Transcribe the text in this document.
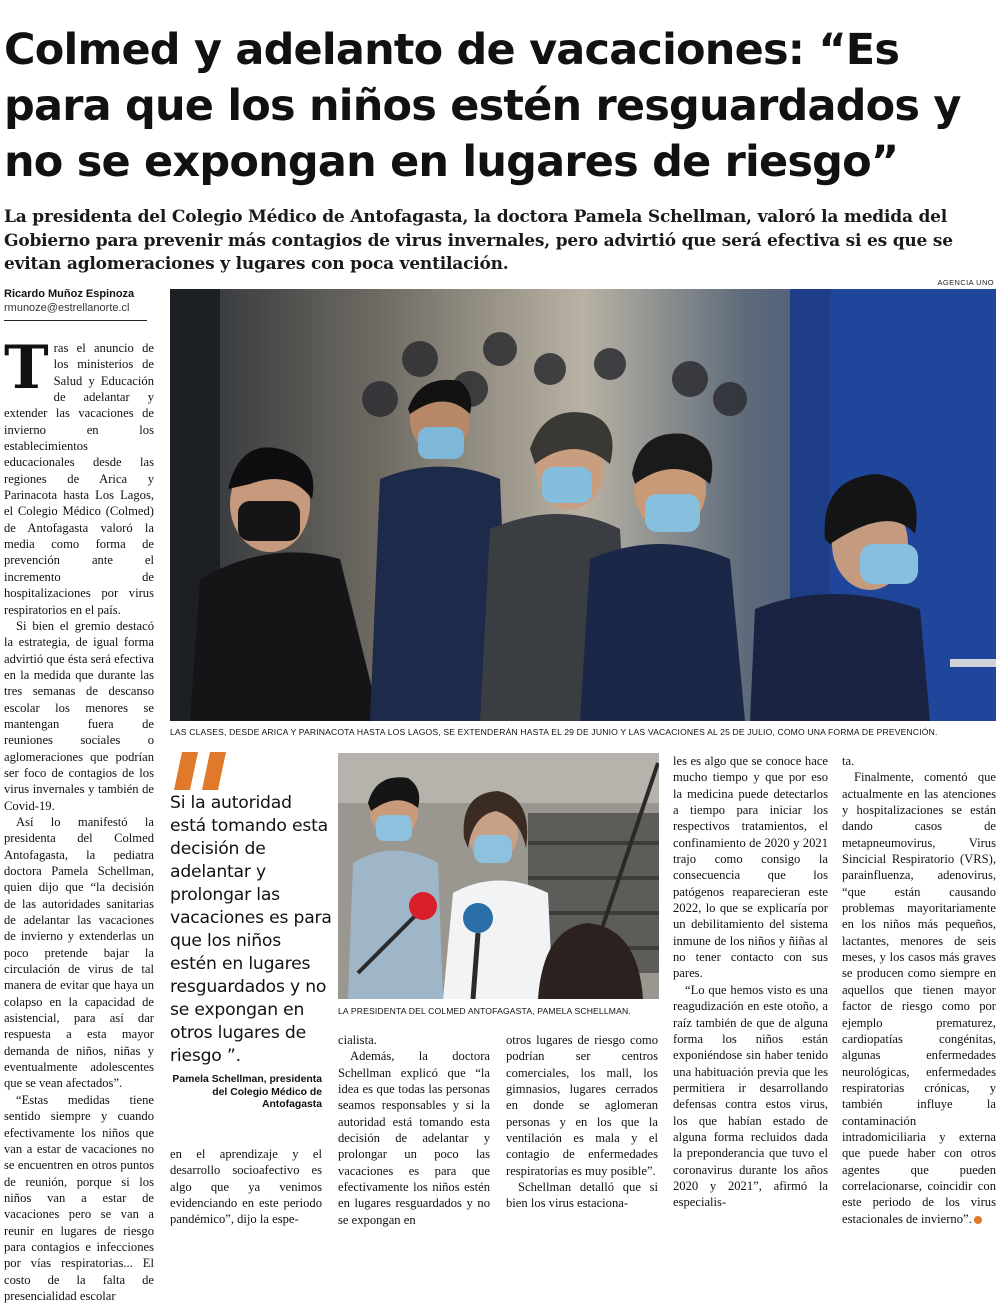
Colmed y adelanto de vacaciones: “Es para que los niños estén resguardados y no se expongan en lugares de riesgo”

La presidenta del Colegio Médico de Antofagasta, la doctora Pamela Schellman, valoró la medida del Gobierno para prevenir más contagios de virus invernales, pero advirtió que será efectiva si es que se evitan aglomeraciones y lugares con poca ventilación.

Ricardo Muñoz Espinoza
rmunoze@estrellanorte.cl
AGENCIA UNO
LAS CLASES, DESDE ARICA Y PARINACOTA HASTA LOS LAGOS, SE EXTENDERÁN HASTA EL 29 DE JUNIO Y LAS VACACIONES AL 25 DE JULIO, COMO UNA FORMA DE PREVENCIÓN.
LA PRESIDENTA DEL COLMED ANTOFAGASTA, PAMELA SCHELLMAN.

Si la autoridad está tomando esta decisión de adelantar y prolongar las vacaciones es para que los niños estén en lugares resguardados y no se expongan en otros lugares de riesgo ”.

Pamela Schellman, presidenta del Colegio Médico de Antofagasta

Tras el anuncio de los ministerios de Salud y Educación de adelantar y extender las vacaciones de invierno en los establecimientos educacionales desde las regiones de Arica y Parinacota hasta Los Lagos, el Colegio Médico (Colmed) de Antofagasta valoró la media como forma de prevención ante el incremento de hospitalizaciones por virus respiratorios en el país.

Si bien el gremio destacó la estrategia, de igual forma advirtió que ésta será efectiva en la medida que durante las tres semanas de descanso escolar los menores se mantengan fuera de reuniones sociales o aglomeraciones que podrían ser foco de contagios de los virus invernales y también de Covid-19.

Así lo manifestó la presidenta del Colmed Antofagasta, la pediatra doctora Pamela Schellman, quien dijo que “la decisión de las autoridades sanitarias de adelantar las vacaciones de invierno y extenderlas un poco pretende bajar la circulación de virus de tal manera de evitar que haya un colapso en la capacidad de asistencial, para así dar respuesta a esta mayor demanda de niños, niñas y eventualmente adolescentes que se vean afectados”.

“Estas medidas tiene sentido siempre y cuando efectivamente los niños que van a estar de vacaciones no se encuentren en otros puntos de reunión, porque si los niños van a estar de vacaciones pero se van a reunir en lugares de riesgo para contagios e infecciones por vías respiratorias... El costo de la falta de presencialidad escolar

en el aprendizaje y el desarrollo socioafectivo es algo que ya venimos evidenciando en este periodo pandémico”, dijo la espe-

cialista.

Además, la doctora Schellman explicó que “la idea es que todas las personas seamos responsables y si la autoridad está tomando esta decisión de adelantar y prolongar un poco las vacaciones es para que efectivamente los niños estén en lugares resguardados y no se expongan en

otros lugares de riesgo como podrían ser centros comerciales, los mall, los gimnasios, lugares cerrados en donde se aglomeran personas y en los que la ventilación es mala y el contagio de enfermedades respiratorias es muy posible”.

Schellman detalló que si bien los virus estaciona-

les es algo que se conoce hace mucho tiempo y que por eso la medicina puede detectarlos a tiempo para iniciar los respectivos tratamientos, el confinamiento de 2020 y 2021 trajo como consigo la consecuencia que los patógenos reaparecieran este 2022, lo que se explicaría por un debilitamiento del sistema inmune de los niños y ñiñas al no tener contacto con sus pares.

“Lo que hemos visto es una reagudización en este otoño, a raíz también de que de alguna forma los niños están exponiéndose sin haber tenido una habituación previa que les permitiera ir desarrollando defensas contra estos virus, los que habían estado de alguna forma recluidos dada la preponderancia que tuvo el coronavirus durante los años 2020 y 2021”, afirmó la especialis-

ta.

Finalmente, comentó que actualmente en las atenciones y hospitalizaciones se están dando casos de metapneumovirus, Virus Sincicial Respiratorio (VRS), parainfluenza, adenovirus, “que están causando problemas mayoritariamente en los niños más pequeños, lactantes, menores de seis meses, y los casos más graves se producen como siempre en aquellos que tienen mayor factor de riesgo como por ejemplo prematurez, cardiopatías congénitas, algunas enfermedades neurológicas, enfermedades respiratorias crónicas, y también influye la contaminación intradomiciliaria y externa que puede haber con otros agentes que pueden correlacionarse, coincidir con este periodo de los virus estacionales de invierno”.
